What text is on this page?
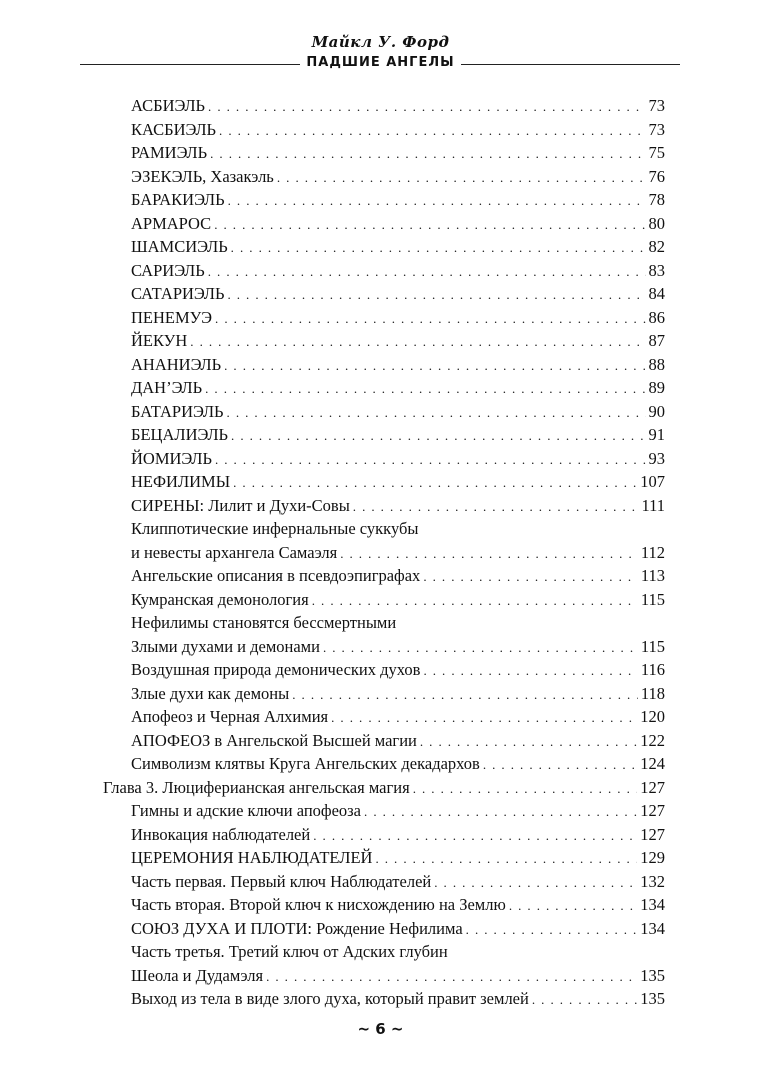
Майкл У. Форд
ПАДШИЕ АНГЕЛЫ
АСБИЭЛЬ . . .	73
КАСБИЭЛЬ . . .	73
РАМИЭЛЬ . . .	75
ЭЗЕКЭЛЬ, Хазакэль . . .	76
БАРАКИЭЛЬ . . .	78
АРМАРОС . . .	80
ШАМСИЭЛЬ . . .	82
САРИЭЛЬ . . .	83
САТАРИЭЛЬ . . .	84
ПЕНЕМУЭ . . .	86
ЙЕКУН . . .	87
АНАНИЭЛЬ . . .	88
ДАН’ЭЛЬ . . .	89
БАТАРИЭЛЬ . . .	90
БЕЦАЛИЭЛЬ . . .	91
ЙОМИЭЛЬ . . .	93
НЕФИЛИМЫ . . .	107
СИРЕНЫ: Лилит и Духи-Совы . . .	111
Клиппотические инфернальные суккубы
и невесты архангела Самаэля . . .	112
Ангельские описания в псевдоэпиграфах . . .	113
Кумранская демонология . . .	115
Нефилимы становятся бессмертными
Злыми духами и демонами . . .	115
Воздушная природа демонических духов . . .	116
Злые духи как демоны . . .	118
Апофеоз и Черная Алхимия . . .	120
АПОФЕОЗ в Ангельской Высшей магии . . .	122
Символизм клятвы Круга Ангельских декадархов . . .	124
Глава 3. Люциферианская ангельская магия . . .	127
Гимны и адские ключи апофеоза . . .	127
Инвокация наблюдателей . . .	127
ЦЕРЕМОНИЯ НАБЛЮДАТЕЛЕЙ . . .	129
Часть первая. Первый ключ Наблюдателей . . .	132
Часть вторая. Второй ключ к нисхождению на Землю . . .	134
СОЮЗ ДУХА И ПЛОТИ: Рождение Нефилима . . .	134
Часть третья. Третий ключ от Адских глубин
Шеола и Дудамэля . . .	135
Выход из тела в виде злого духа, который правит землей . . .	135
~ 6 ~
